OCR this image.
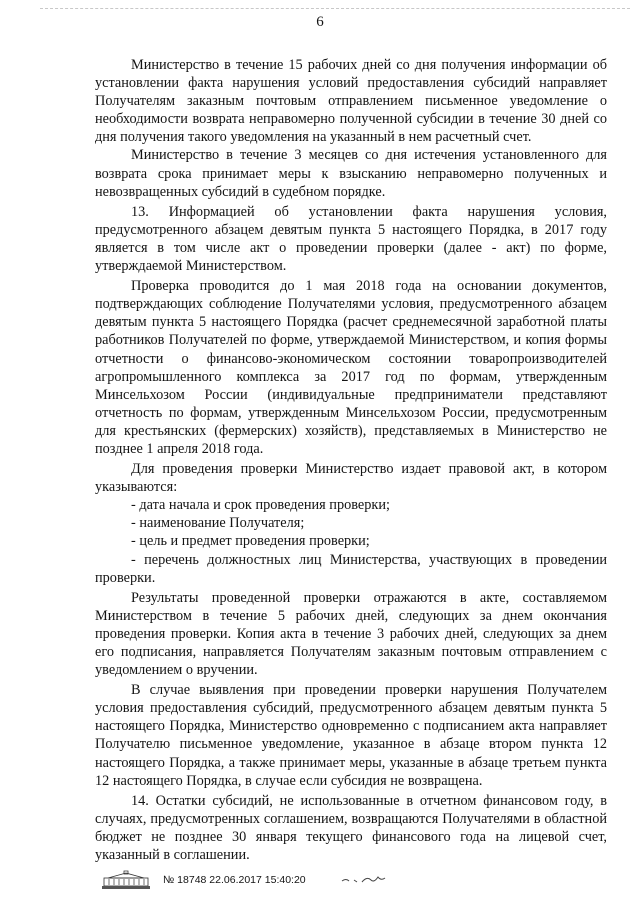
6

Министерство в течение 15 рабочих дней со дня получения информации об установлении факта нарушения условий предоставления субсидий направляет Получателям заказным почтовым отправлением письменное уведомление о необходимости возврата неправомерно полученной субсидии в течение 30 дней со дня получения такого уведомления на указанный в нем расчетный счет.

Министерство в течение 3 месяцев со дня истечения установленного для возврата срока принимает меры к взысканию неправомерно полученных и невозвращенных субсидий в судебном порядке.

13. Информацией об установлении факта нарушения условия, предусмотренного абзацем девятым пункта 5 настоящего Порядка, в 2017 году является в том числе акт о проведении проверки (далее - акт) по форме, утверждаемой Министерством.

Проверка проводится до 1 мая 2018 года на основании документов, подтверждающих соблюдение Получателями условия, предусмотренного абзацем девятым пункта 5 настоящего Порядка (расчет среднемесячной заработной платы работников Получателей по форме, утверждаемой Министерством, и копия формы отчетности о финансово-экономическом состоянии товаропроизводителей агропромышленного комплекса за 2017 год по формам, утвержденным Минсельхозом России (индивидуальные предприниматели представляют отчетность по формам, утвержденным Минсельхозом России, предусмотренным для крестьянских (фермерских) хозяйств), представляемых в Министерство не позднее 1 апреля 2018 года.

Для проведения проверки Министерство издает правовой акт, в котором указываются:

- дата начала и срок проведения проверки;

- наименование Получателя;

- цель и предмет проведения проверки;

- перечень должностных лиц Министерства, участвующих в проведении проверки.

Результаты проведенной проверки отражаются в акте, составляемом Министерством в течение 5 рабочих дней, следующих за днем окончания проведения проверки. Копия акта в течение 3 рабочих дней, следующих за днем его подписания, направляется Получателям заказным почтовым отправлением с уведомлением о вручении.

В случае выявления при проведении проверки нарушения Получателем условия предоставления субсидий, предусмотренного абзацем девятым пункта 5 настоящего Порядка, Министерство одновременно с подписанием акта направляет Получателю письменное уведомление, указанное в абзаце втором пункта 12 настоящего Порядка, а также принимает меры, указанные в абзаце третьем пункта 12 настоящего Порядка, в случае если субсидия не возвращена.

14. Остатки субсидий, не использованные в отчетном финансовом году, в случаях, предусмотренных соглашением, возвращаются Получателями в областной бюджет не позднее 30 января текущего финансового года на лицевой счет, указанный в соглашении.

№ 18748 22.06.2017 15:40:20
